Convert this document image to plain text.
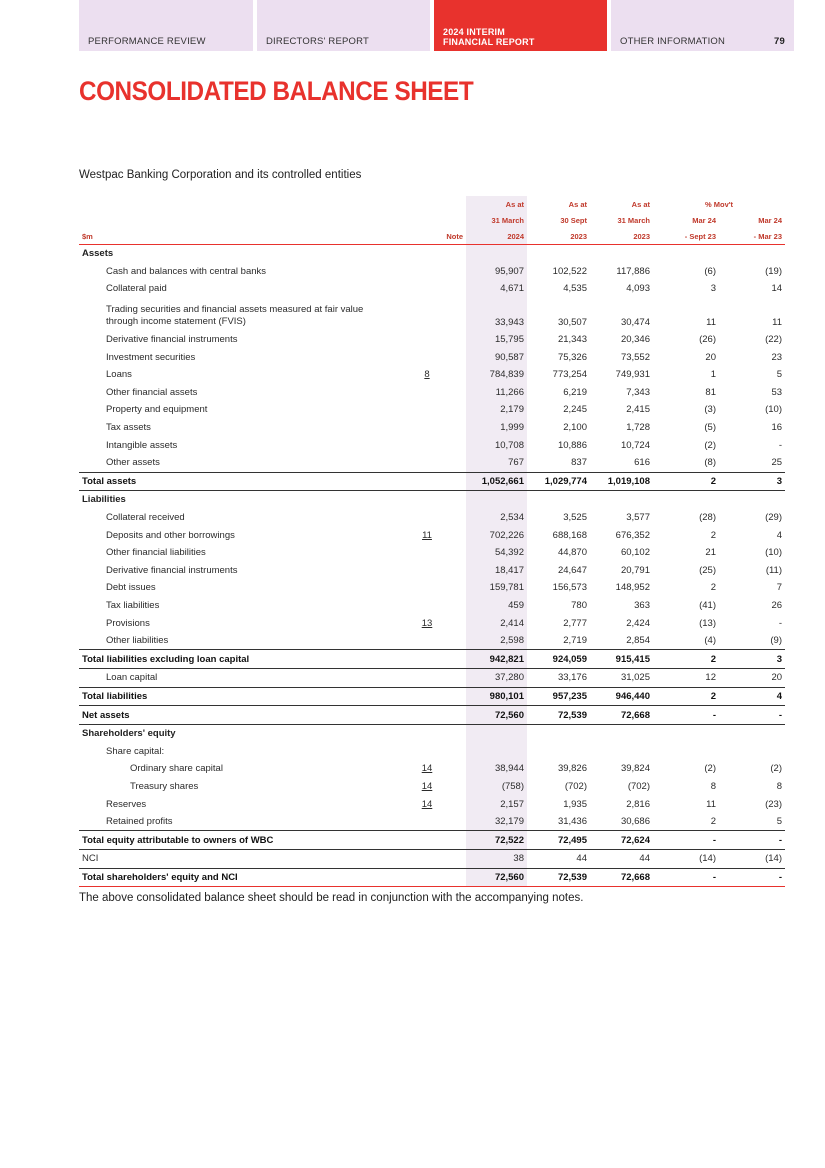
PERFORMANCE REVIEW	DIRECTORS' REPORT
2024 INTERIM FINANCIAL REPORT	OTHER INFORMATION	79
CONSOLIDATED BALANCE SHEET
Westpac Banking Corporation and its controlled entities
		As at	As at	As at	% Mov't	
		31 March	30 Sept	31 March	Mar 24	Mar 24
$m	Note	2024	2023	2023	- Sept 23	- Mar 23
Assets						
Cash and balances with central banks		95,907	102,522	117,886	(6)	(19)
Collateral paid		4,671	4,535	4,093	3	14
Trading securities and financial assets measured at fair value through income statement (FVIS)		33,943	30,507	30,474	11	11
Derivative financial instruments		15,795	21,343	20,346	(26)	(22)
Investment securities		90,587	75,326	73,552	20	23
Loans	8	784,839	773,254	749,931	1	5
Other financial assets		11,266	6,219	7,343	81	53
Property and equipment		2,179	2,245	2,415	(3)	(10)
Tax assets		1,999	2,100	1,728	(5)	16
Intangible assets		10,708	10,886	10,724	(2)	-
Other assets		767	837	616	(8)	25
Total assets		1,052,661	1,029,774	1,019,108	2	3
Liabilities						
Collateral received		2,534	3,525	3,577	(28)	(29)
Deposits and other borrowings	11	702,226	688,168	676,352	2	4
Other financial liabilities		54,392	44,870	60,102	21	(10)
Derivative financial instruments		18,417	24,647	20,791	(25)	(11)
Debt issues		159,781	156,573	148,952	2	7
Tax liabilities		459	780	363	(41)	26
Provisions	13	2,414	2,777	2,424	(13)	-
Other liabilities		2,598	2,719	2,854	(4)	(9)
Total liabilities excluding loan capital		942,821	924,059	915,415	2	3
Loan capital		37,280	33,176	31,025	12	20
Total liabilities		980,101	957,235	946,440	2	4
Net assets		72,560	72,539	72,668	-	-
Shareholders' equity						
Share capital:						
Ordinary share capital	14	38,944	39,826	39,824	(2)	(2)
Treasury shares	14	(758)	(702)	(702)	8	8
Reserves	14	2,157	1,935	2,816	11	(23)
Retained profits		32,179	31,436	30,686	2	5
Total equity attributable to owners of WBC		72,522	72,495	72,624	-	-
NCI		38	44	44	(14)	(14)
Total shareholders' equity and NCI		72,560	72,539	72,668	-	-
The above consolidated balance sheet should be read in conjunction with the accompanying notes.
